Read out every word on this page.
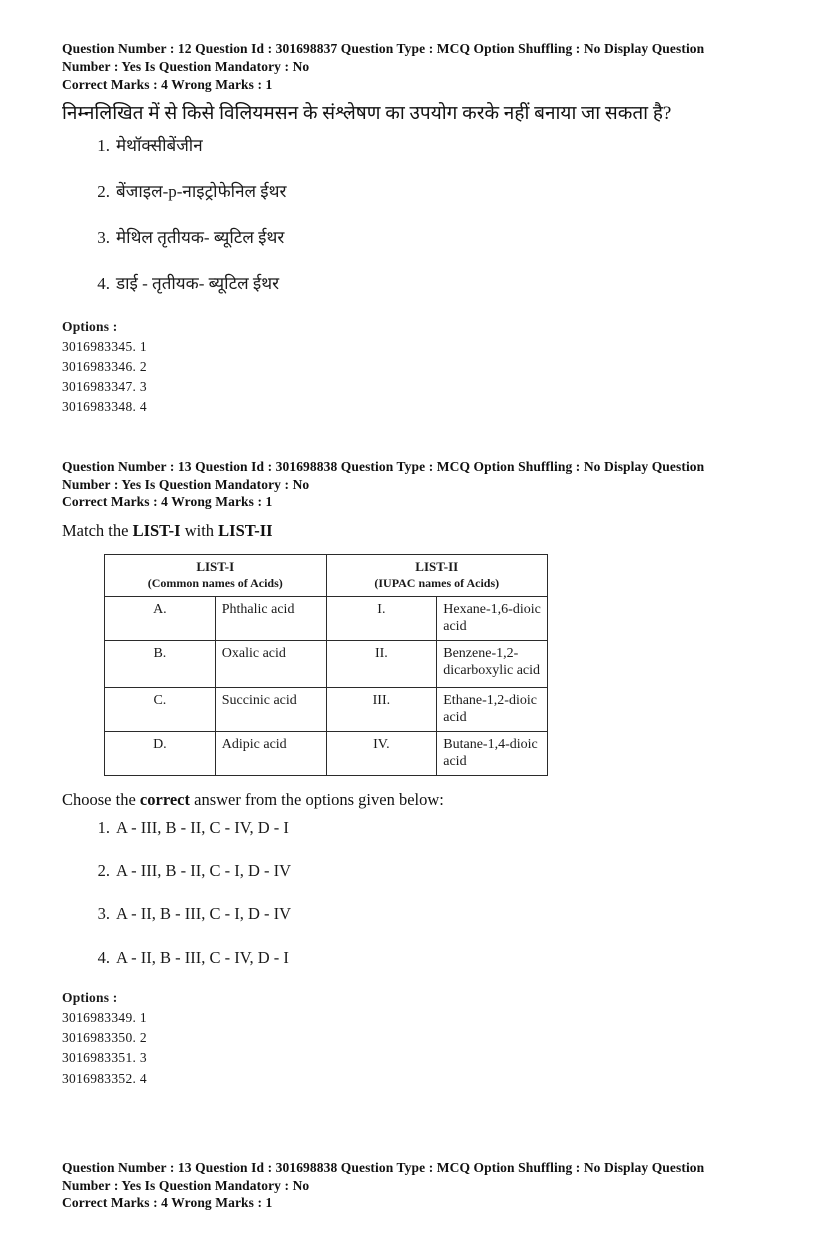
Question Number : 12 Question Id : 301698837 Question Type : MCQ Option Shuffling : No Display Question
Number : Yes Is Question Mandatory : No
Correct Marks : 4 Wrong Marks : 1
निम्नलिखित में से किसे विलियमसन के संश्लेषण का उपयोग करके नहीं बनाया जा सकता है?
1. मेथॉक्सीबेंजीन
2. बेंजाइल-p-नाइट्रोफेनिल ईथर
3. मेथिल तृतीयक- ब्यूटिल ईथर
4. डाई - तृतीयक- ब्यूटिल ईथर
Options :
3016983345. 1
3016983346. 2
3016983347. 3
3016983348. 4
Question Number : 13 Question Id : 301698838 Question Type : MCQ Option Shuffling : No Display Question
Number : Yes Is Question Mandatory : No
Correct Marks : 4 Wrong Marks : 1
Match the LIST-I with LIST-II
LIST-I
(Common names of Acids)		LIST-II
(IUPAC names of Acids)	

A.	Phthalic acid	I.	Hexane-1,6-dioic acid
B.	Oxalic acid	II.	Benzene-1,2-dicarboxylic acid
C.	Succinic acid	III.	Ethane-1,2-dioic acid
D.	Adipic acid	IV.	Butane-1,4-dioic acid
Choose the correct answer from the options given below:
1. A - III, B - II, C - IV, D - I
2. A - III, B - II, C - I, D - IV
3. A - II, B - III, C - I, D - IV
4. A - II, B - III, C - IV, D - I
Options :
3016983349. 1
3016983350. 2
3016983351. 3
3016983352. 4
Question Number : 13 Question Id : 301698838 Question Type : MCQ Option Shuffling : No Display Question
Number : Yes Is Question Mandatory : No
Correct Marks : 4 Wrong Marks : 1
